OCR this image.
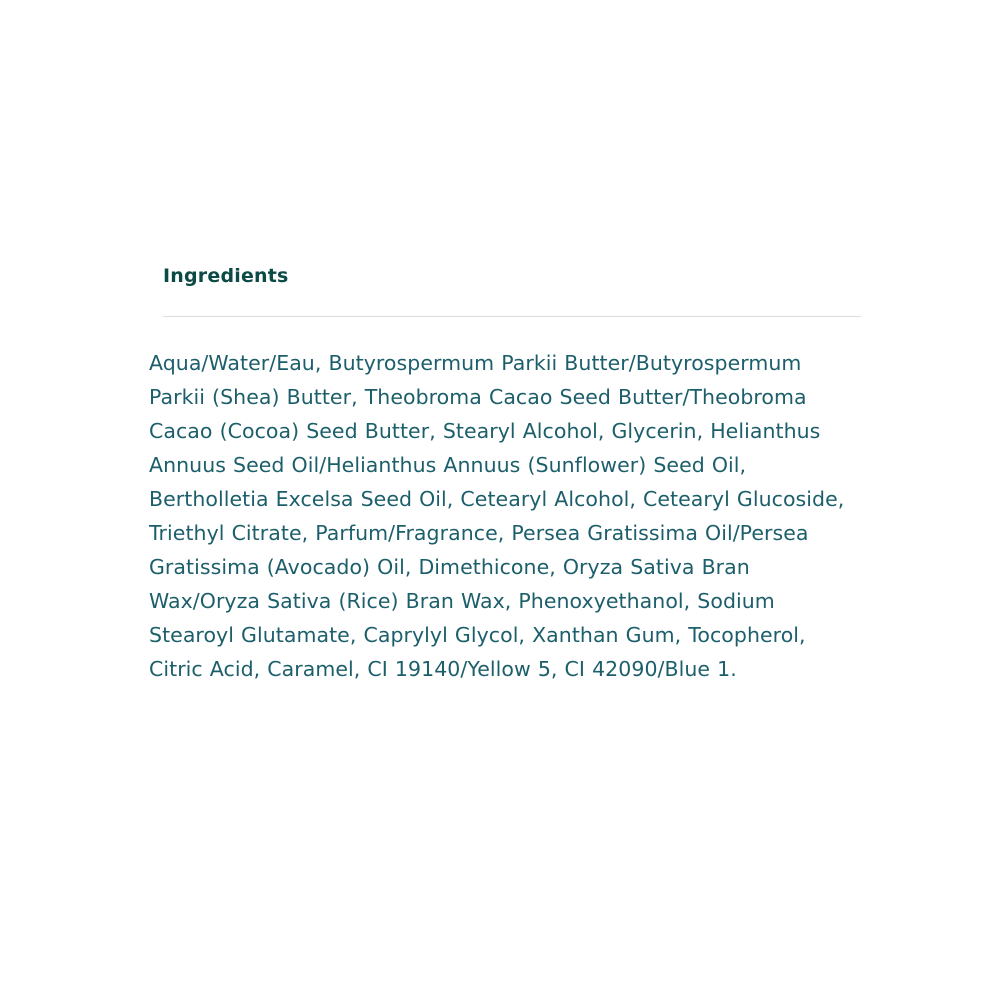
Ingredients

Aqua/Water/Eau, Butyrospermum Parkii Butter/Butyrospermum Parkii (Shea) Butter, Theobroma Cacao Seed Butter/Theobroma Cacao (Cocoa) Seed Butter, Stearyl Alcohol, Glycerin, Helianthus Annuus Seed Oil/Helianthus Annuus (Sunflower) Seed Oil, Bertholletia Excelsa Seed Oil, Cetearyl Alcohol, Cetearyl Glucoside, Triethyl Citrate, Parfum/Fragrance, Persea Gratissima Oil/Persea Gratissima (Avocado) Oil, Dimethicone, Oryza Sativa Bran Wax/Oryza Sativa (Rice) Bran Wax, Phenoxyethanol, Sodium Stearoyl Glutamate, Caprylyl Glycol, Xanthan Gum, Tocopherol, Citric Acid, Caramel, CI 19140/Yellow 5, CI 42090/Blue 1.
